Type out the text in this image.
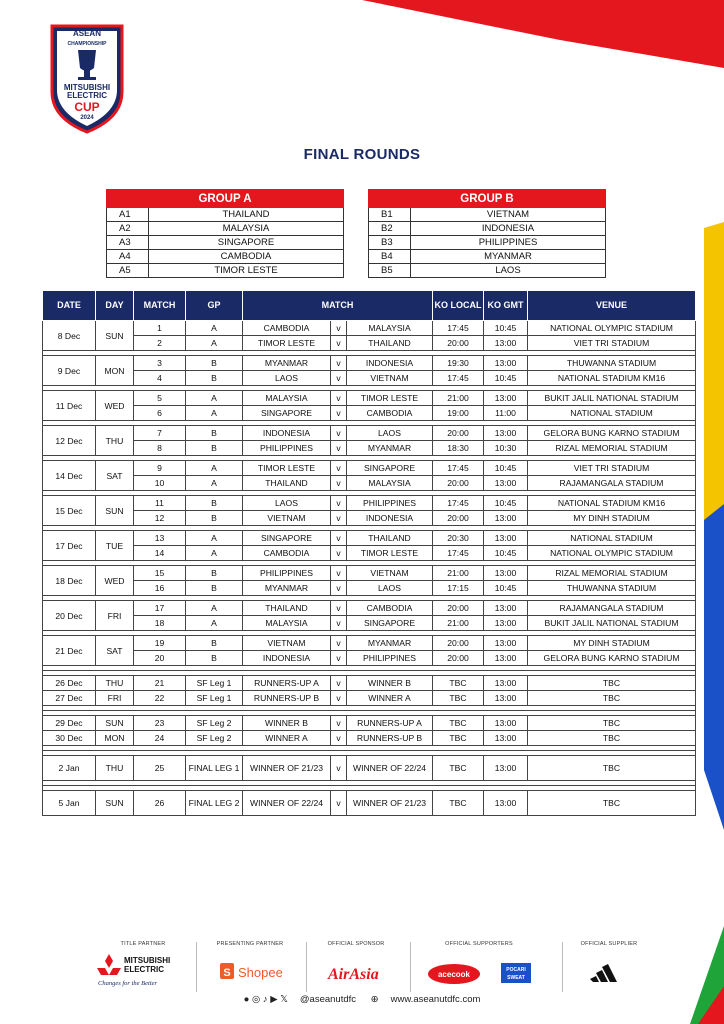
ASEAN
CHAMPIONSHIP
MITSUBISHI
ELECTRIC
CUP
2024
FINAL ROUNDS
GROUP A	
A1	THAILAND
A2	MALAYSIA
A3	SINGAPORE
A4	CAMBODIA
A5	TIMOR LESTE
GROUP B	
B1	VIETNAM
B2	INDONESIA
B3	PHILIPPINES
B4	MYANMAR
B5	LAOS
DATE	DAY	MATCH	GP	MATCH			KO LOCAL	KO GMT	VENUE
8 Dec	SUN	1	A	CAMBODIA	v	MALAYSIA	17:45	10:45	NATIONAL OLYMPIC STADIUM
		2	A	TIMOR LESTE	v	THAILAND	20:00	13:00	VIET TRI STADIUM

9 Dec	MON	3	B	MYANMAR	v	INDONESIA	19:30	13:00	THUWANNA STADIUM
		4	B	LAOS	v	VIETNAM	17:45	10:45	NATIONAL STADIUM KM16

11 Dec	WED	5	A	MALAYSIA	v	TIMOR LESTE	21:00	13:00	BUKIT JALIL NATIONAL STADIUM
		6	A	SINGAPORE	v	CAMBODIA	19:00	11:00	NATIONAL STADIUM

12 Dec	THU	7	B	INDONESIA	v	LAOS	20:00	13:00	GELORA BUNG KARNO STADIUM
		8	B	PHILIPPINES	v	MYANMAR	18:30	10:30	RIZAL MEMORIAL STADIUM

14 Dec	SAT	9	A	TIMOR LESTE	v	SINGAPORE	17:45	10:45	VIET TRI STADIUM
		10	A	THAILAND	v	MALAYSIA	20:00	13:00	RAJAMANGALA STADIUM

15 Dec	SUN	11	B	LAOS	v	PHILIPPINES	17:45	10:45	NATIONAL STADIUM KM16
		12	B	VIETNAM	v	INDONESIA	20:00	13:00	MY DINH STADIUM

17 Dec	TUE	13	A	SINGAPORE	v	THAILAND	20:30	13:00	NATIONAL STADIUM
		14	A	CAMBODIA	v	TIMOR LESTE	17:45	10:45	NATIONAL OLYMPIC STADIUM

18 Dec	WED	15	B	PHILIPPINES	v	VIETNAM	21:00	13:00	RIZAL MEMORIAL STADIUM
		16	B	MYANMAR	v	LAOS	17:15	10:45	THUWANNA STADIUM

20 Dec	FRI	17	A	THAILAND	v	CAMBODIA	20:00	13:00	RAJAMANGALA STADIUM
		18	A	MALAYSIA	v	SINGAPORE	21:00	13:00	BUKIT JALIL NATIONAL STADIUM

21 Dec	SAT	19	B	VIETNAM	v	MYANMAR	20:00	13:00	MY DINH STADIUM
		20	B	INDONESIA	v	PHILIPPINES	20:00	13:00	GELORA BUNG KARNO STADIUM

26 Dec	THU	21	SF Leg 1	RUNNERS-UP A	v	WINNER B	TBC	13:00	TBC
27 Dec	FRI	22	SF Leg 1	RUNNERS-UP B	v	WINNER A	TBC	13:00	TBC

29 Dec	SUN	23	SF Leg 2	WINNER B	v	RUNNERS-UP A	TBC	13:00	TBC
30 Dec	MON	24	SF Leg 2	WINNER A	v	RUNNERS-UP B	TBC	13:00	TBC

2 Jan	THU	25	FINAL LEG 1	WINNER OF 21/23	v	WINNER OF 22/24	TBC	13:00	TBC

5 Jan	SUN	26	FINAL LEG 2	WINNER OF 22/24	v	WINNER OF 21/23	TBC	13:00	TBC
TITLE PARTNER	PRESENTING PARTNER	OFFICIAL SPONSOR	OFFICIAL SUPPORTERS	OFFICIAL SUPPLIER
MITSUBISHI
ELECTRIC
Changes for the Better
S Shopee	AirAsia	acecook	POCARI
SWEAT
● ◎ ♪ ▶ 𝕏 @aseanutdfc ⊕ www.aseanutdfc.com
